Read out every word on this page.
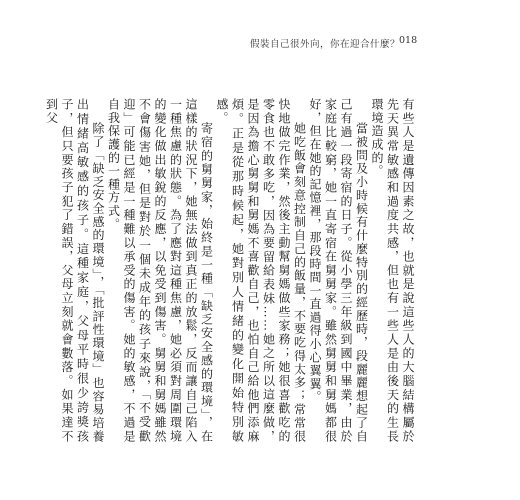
假裝自己很外向，你在迎合什麼？
018

有些人是遺傳因素之故，也就是說這些人的大腦結構屬於先天異常敏感和過度共感，但也有一些人是由後天的生長環境造成的。

當被問及小時候有什麼特別的經歷時，段麗麗想起了自己有過一段寄宿的日子。從小學三年級到國中畢業，由於家庭比較窮，她一直寄宿在舅舅家。雖然舅舅和舅媽都很好，但在她的記憶裡，那段時間一直過得小心翼翼。

她吃飯會刻意控制自己的飯量，不要吃得太多；常常很快地做完作業，然後主動幫舅媽做些家務；她很喜歡吃的零食也不敢多吃，因為要留給表妹……她之所以這麼做，是因為擔心舅舅和舅媽不喜歡自己，也怕自己給他們添麻煩。正是從那時候起，她對別人情緒的變化開始特別敏感。

寄宿的舅舅家，始終是一種「缺乏安全感的環境」，在這樣的狀況下，她無法做到真正的放鬆，反而讓自己陷入一種焦慮的狀態。為了應對這種焦慮，她必須對周圍環境的變化做出敏銳的反應，以免受到傷害。舅舅和舅媽雖然不會傷害她，但是對於一個未成年的孩子來說，「不受歡迎」可能已經是一種難以承受的傷害。她的敏感，不過是自我保護的一種方式。

除了「缺乏安全感的環境」，「批評性環境」也容易培養出情緒高敏感的孩子。這種家庭，父母平時很少誇獎孩子，但只要孩子犯了錯誤，父母立刻就會數落。如果達不到父
